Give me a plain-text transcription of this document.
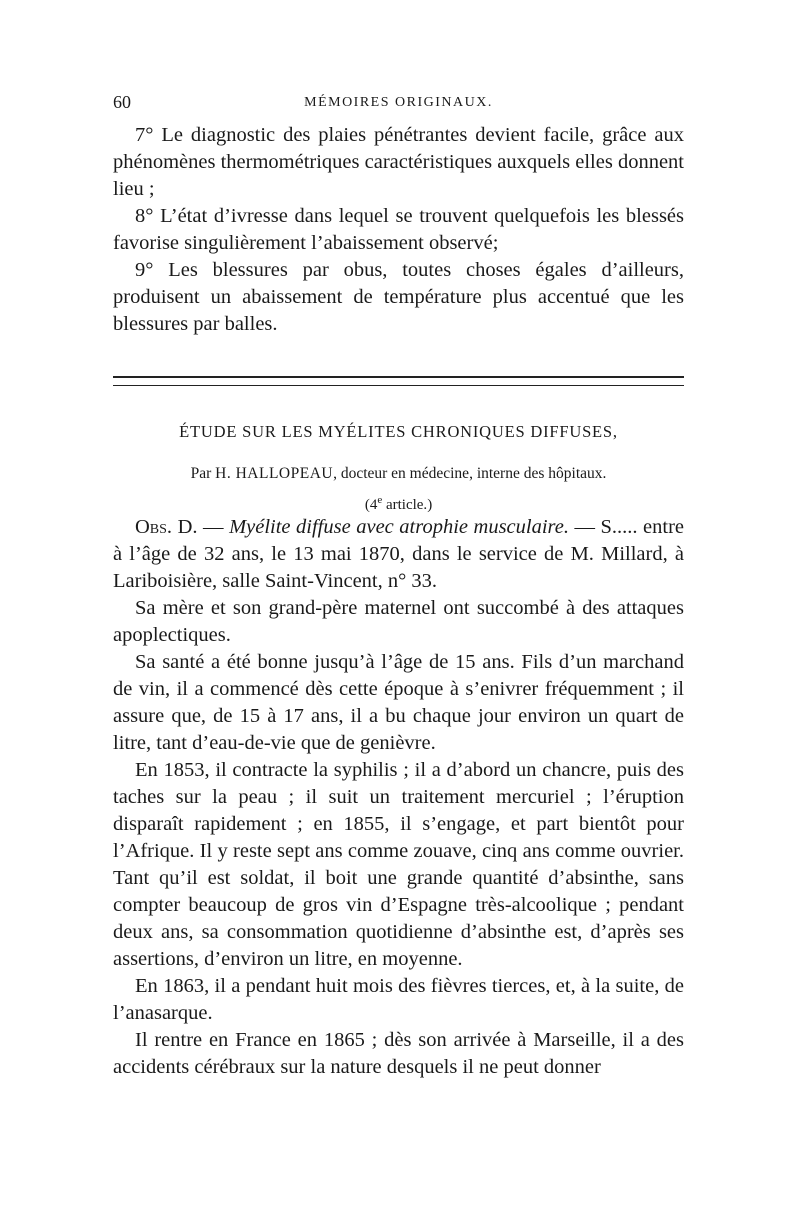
60	MÉMOIRES ORIGINAUX.

7° Le diagnostic des plaies pénétrantes devient facile, grâce aux phénomènes thermométriques caractéristiques auxquels elles donnent lieu ;

8° L’état d’ivresse dans lequel se trouvent quelquefois les blessés favorise singulièrement l’abaissement observé;

9° Les blessures par obus, toutes choses égales d’ailleurs, produisent un abaissement de température plus accentué que les blessures par balles.

ÉTUDE SUR LES MYÉLITES CHRONIQUES DIFFUSES,
Par H. HALLOPEAU, docteur en médecine, interne des hôpitaux.
(4e article.)

Obs. D. — Myélite diffuse avec atrophie musculaire. — S..... entre à l’âge de 32 ans, le 13 mai 1870, dans le service de M. Millard, à Lariboisière, salle Saint-Vincent, n° 33.

Sa mère et son grand-père maternel ont succombé à des attaques apoplectiques.

Sa santé a été bonne jusqu’à l’âge de 15 ans. Fils d’un marchand de vin, il a commencé dès cette époque à s’enivrer fréquemment ; il assure que, de 15 à 17 ans, il a bu chaque jour environ un quart de litre, tant d’eau-de-vie que de genièvre.

En 1853, il contracte la syphilis ; il a d’abord un chancre, puis des taches sur la peau ; il suit un traitement mercuriel ; l’éruption disparaît rapidement ; en 1855, il s’engage, et part bientôt pour l’Afrique. Il y reste sept ans comme zouave, cinq ans comme ouvrier. Tant qu’il est soldat, il boit une grande quantité d’absinthe, sans compter beaucoup de gros vin d’Espagne très-alcoolique ; pendant deux ans, sa consommation quotidienne d’absinthe est, d’après ses assertions, d’environ un litre, en moyenne.

En 1863, il a pendant huit mois des fièvres tierces, et, à la suite, de l’anasarque.

Il rentre en France en 1865 ; dès son arrivée à Marseille, il a des accidents cérébraux sur la nature desquels il ne peut donner
